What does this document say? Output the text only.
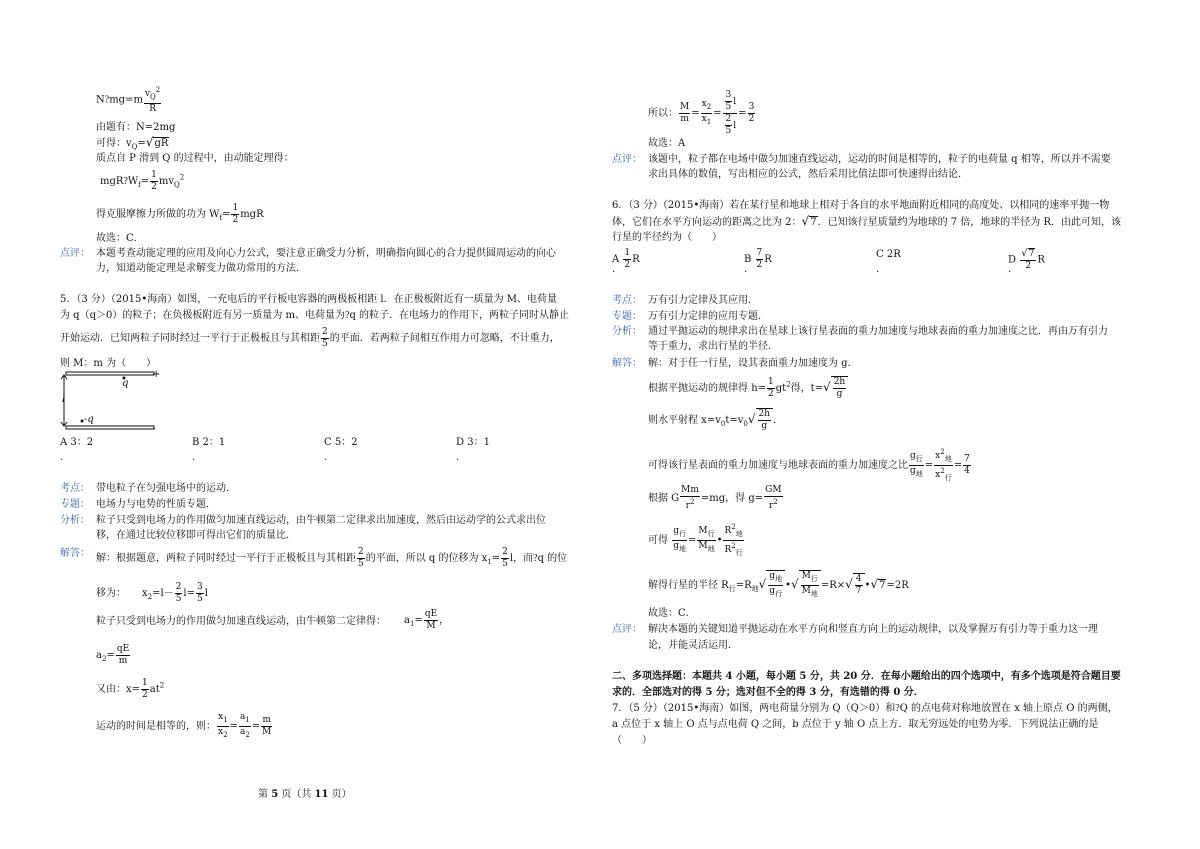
N?mg=m $\frac{v_Q^2}{R}$
由题有：N=2mg
可得：$v_Q=√gR$
质点自 P 滑到 Q 的过程中，由动能定理得：
$mgR?W_f= \frac{1}{2} mv_Q^2$
得克服摩擦力所做的功为 $W_f= \frac{1}{2}$ mgR
故选：C．
点评： 本题考查动能定理的应用及向心力公式，要注意正确受力分析，明确指向圆心的合力提供圆周运动的向心
力，知道动能定理是求解变力做功常用的方法．
5．（3 分）（2015•海南）如图，一充电后的平行板电容器的两极板相距 l．在正极板附近有一质量为 M、电荷量
为 q（q＞0）的粒子；在负极板附近有另一质量为 m、电荷量为?q 的粒子．在电场力的作用下，两粒子同时从静止
开始运动．已知两粒子同时经过一平行于正极板且与其相距 $\frac{2}{5}$ 的平面．若两粒子间相互作用力可忽略，不计重力，
则 M：m 为（　　）
+
−
q
-q
l
A 3：2	B 2：1	C 5：2	D 3：1
.	.	.	.
考点： 带电粒子在匀强电场中的运动．
专题： 电场力与电势的性质专题．
分析： 粒子只受到电场力的作用做匀加速直线运动，由牛顿第二定律求出加速度，然后由运动学的公式求出位
移，在通过比较位移即可得出它们的质量比．
解答： 解：根据题意，两粒子同时经过一平行于正极板且与其相距 $\frac{2}{5}$ 的平面，所以 q 的位移为 $x_1= \frac{2}{5}$ l，而?q 的位
移为： $x_2=l- \frac{2}{5} l= \frac{3}{5}$ l
粒子只受到电场力的作用做匀加速直线运动，由牛顿第二定律得： $a_1= \frac{qE}{M}$ ，
$a_2= \frac{qE}{m}$
又由：$x= \frac{1}{2} at^2$
运动的时间是相等的，则： $\frac{x_1}{x_2} = \frac{a_1}{a_2} = \frac{m}{M}$
所以： $\frac{M}{m} = \frac{x_2}{x_1} = \frac{\frac{3}{5} l}{\frac{2}{5} l} = \frac{3}{2}$
故选：A
点评： 该题中，粒子都在电场中做匀加速直线运动，运动的时间是相等的，粒子的电荷量 q 相等，所以并不需要
求出具体的数值，写出相应的公式，然后采用比值法即可快速得出结论．
6．（3 分）（2015•海南）若在某行星和地球上相对于各自的水平地面附近相同的高度处、以相同的速率平抛一物
体，它们在水平方向运动的距离之比为 2：√7．已知该行星质量约为地球的 7 倍，地球的半径为 R．由此可知，该
行星的半径约为（　　）
A $\frac{1}{2}$ R	B $\frac{7}{2}$ R	C 2R	D $\frac{√7}{2}$ R
.	.	.	.
考点： 万有引力定律及其应用．
专题： 万有引力定律的应用专题．
分析： 通过平抛运动的规律求出在星球上该行星表面的重力加速度与地球表面的重力加速度之比．再由万有引力
等于重力，求出行星的半径．
解答： 解：对于任一行星，设其表面重力加速度为 g．
根据平抛运动的规律得 $h= \frac{1}{2} gt^2$得，$t=√ \frac{2h}{g}$
则水平射程 $x=v_0t=v_0√ \frac{2h}{g}$ ．
可得该行星表面的重力加速度与地球表面的重力加速度之比 $\frac{g_行}{g_地} = \frac{x^2_地}{x^2_行} = \frac{7}{4}$
根据 G $\frac{Mm}{r^2} =mg$，得 $g= \frac{GM}{r^2}$
可得 $\frac{g_行}{g_地} = \frac{M_行}{M_地}$ • $\frac{R^2_地}{R^2_行}$
解得行星的半径 $R_行=R_地√ \frac{g_地}{g_行}$ •√ $\frac{M_行}{M_地} =R\times√ \frac{4}{7}$ •√7=2R
故选：C．
点评： 解决本题的关键知道平抛运动在水平方向和竖直方向上的运动规律，以及掌握万有引力等于重力这一理
论，并能灵活运用．
二、多项选择题：本题共 4 小题，每小题 5 分，共 20 分．在每小题给出的四个选项中，有多个选项是符合题目要
求的．全部选对的得 5 分；选对但不全的得 3 分，有选错的得 0 分．
7．（5 分）（2015•海南）如图，两电荷量分别为 Q（Q＞0）和?Q 的点电荷对称地放置在 x 轴上原点 O 的两侧，
a 点位于 x 轴上 O 点与点电荷 Q 之间，b 点位于 y 轴 O 点上方．取无穷远处的电势为零．下列说法正确的是
（　　）
第 5 页（共 11 页）
